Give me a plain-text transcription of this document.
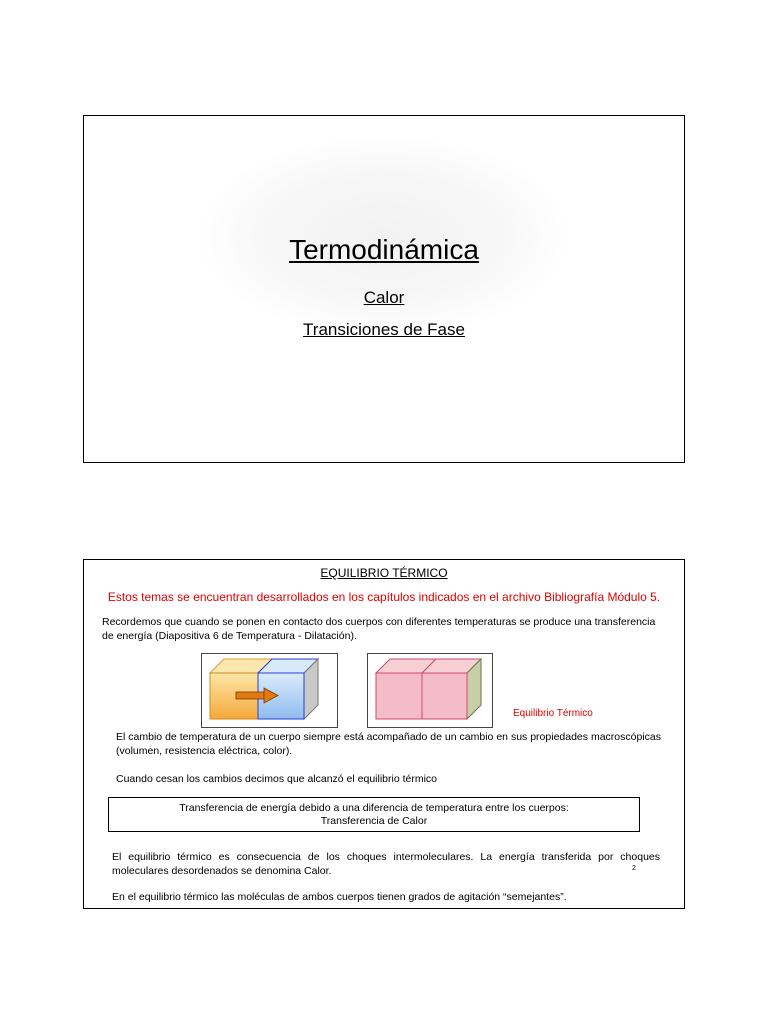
Termodinámica
Calor
Transiciones de Fase
EQUILIBRIO TÉRMICO
Estos temas se encuentran desarrollados en los capítulos indicados en el archivo Bibliografía Módulo 5.
Recordemos que cuando se ponen en contacto dos cuerpos con diferentes temperaturas se produce una transferencia de energía (Diapositiva 6 de Temperatura - Dilatación).
Equilibrio Térmico
El cambio de temperatura de un cuerpo siempre está acompañado de un cambio en sus propiedades macroscópicas (volumen, resistencia eléctrica, color).
Cuando cesan los cambios decimos que alcanzó el equilibrio térmico
Transferencia de energía debido a una diferencia de temperatura entre los cuerpos:
Transferencia de Calor
El equilibrio térmico es consecuencia de los choques intermoleculares. La energía transferida por choques moleculares desordenados se denomina Calor.	2
En el equilibrio térmico las moléculas de ambos cuerpos tienen grados de agitación “semejantes”.
